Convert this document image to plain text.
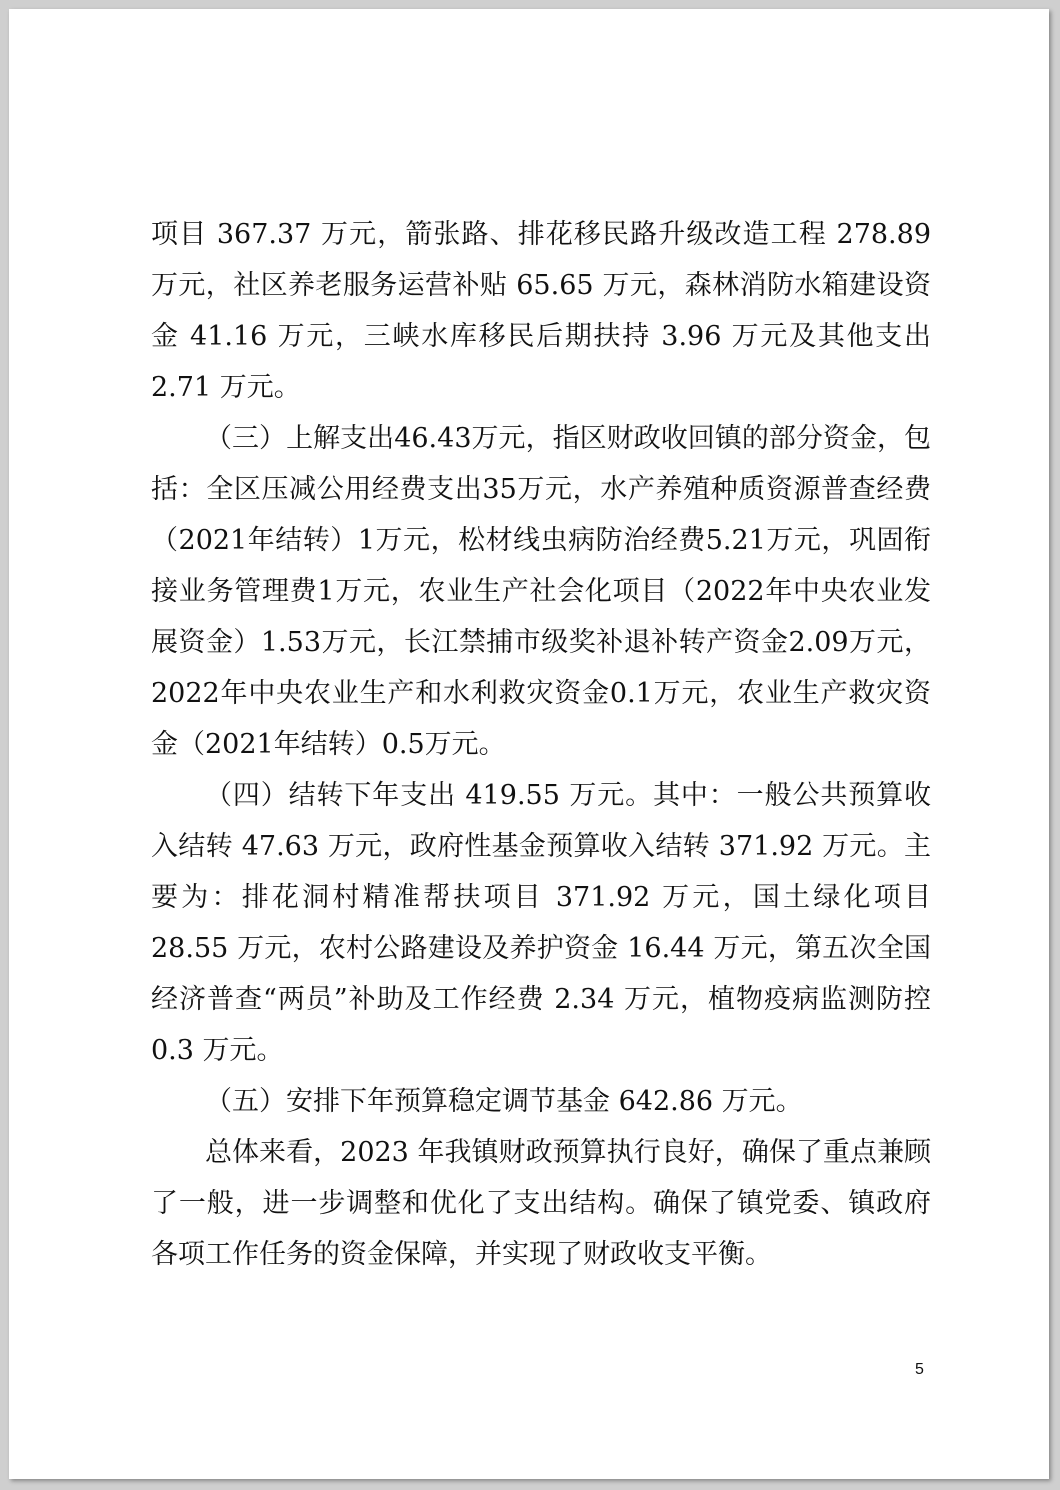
项目 367.37 万元，箭张路、排花移民路升级改造工程 278.89 万元，社区养老服务运营补贴 65.65 万元，森林消防水箱建设资金 41.16 万元，三峡水库移民后期扶持 3.96 万元及其他支出 2.71 万元。

（三）上解支出46.43万元，指区财政收回镇的部分资金，包括：全区压减公用经费支出35万元，水产养殖种质资源普查经费（2021年结转）1万元，松材线虫病防治经费5.21万元，巩固衔接业务管理费1万元，农业生产社会化项目（2022年中央农业发展资金）1.53万元，长江禁捕市级奖补退补转产资金2.09万元，2022年中央农业生产和水利救灾资金0.1万元，农业生产救灾资金（2021年结转）0.5万元。

（四）结转下年支出 419.55 万元。其中：一般公共预算收入结转 47.63 万元，政府性基金预算收入结转 371.92 万元。主要为：排花洞村精准帮扶项目 371.92 万元，国土绿化项目 28.55 万元，农村公路建设及养护资金 16.44 万元，第五次全国经济普查“两员”补助及工作经费 2.34 万元，植物疫病监测防控 0.3 万元。

（五）安排下年预算稳定调节基金 642.86 万元。

总体来看，2023 年我镇财政预算执行良好，确保了重点兼顾了一般，进一步调整和优化了支出结构。确保了镇党委、镇政府各项工作任务的资金保障，并实现了财政收支平衡。

5
